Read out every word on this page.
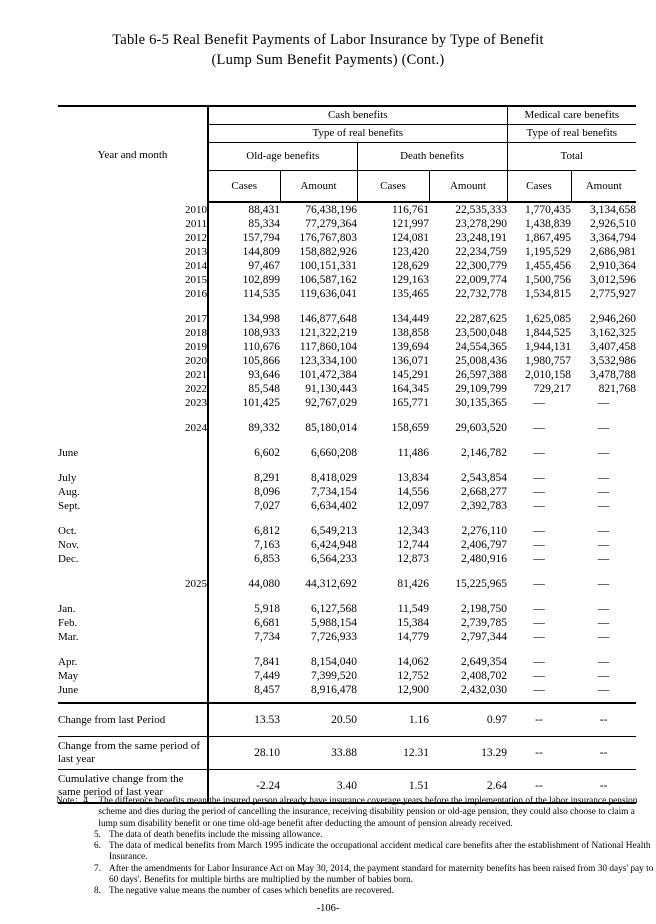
Table 6-5 Real Benefit Payments of Labor Insurance by Type of Benefit
(Lump Sum Benefit Payments) (Cont.)
Year and month	Cash benefits				Medical care benefits	
	Type of real benefits				Type of real benefits	
	Old-age benefits		Death benefits		Total	
	Cases	Amount	Cases	Amount	Cases	Amount
2010	88,431	76,438,196	116,761	22,535,333	1,770,435	3,134,658
2011	85,334	77,279,364	121,997	23,278,290	1,438,839	2,926,510
2012	157,794	176,767,803	124,081	23,248,191	1,867,495	3,364,794
2013	144,809	158,882,926	123,420	22,234,759	1,195,529	2,686,981
2014	97,467	100,151,331	128,629	22,300,779	1,455,456	2,910,364
2015	102,899	106,587,162	129,163	22,009,774	1,500,756	3,012,596
2016	114,535	119,636,041	135,465	22,732,778	1,534,815	2,775,927

2017	134,998	146,877,648	134,449	22,287,625	1,625,085	2,946,260
2018	108,933	121,322,219	138,858	23,500,048	1,844,525	3,162,325
2019	110,676	117,860,104	139,694	24,554,365	1,944,131	3,407,458
2020	105,866	123,334,100	136,071	25,008,436	1,980,757	3,532,986
2021	93,646	101,472,384	145,291	26,597,388	2,010,158	3,478,788
2022	85,548	91,130,443	164,345	29,109,799	729,217	821,768
2023	101,425	92,767,029	165,771	30,135,365	—	—

2024	89,332	85,180,014	158,659	29,603,520	—	—

June	6,602	6,660,208	11,486	2,146,782	—	—

July	8,291	8,418,029	13,834	2,543,854	—	—
Aug.	8,096	7,734,154	14,556	2,668,277	—	—
Sept.	7,027	6,634,402	12,097	2,392,783	—	—

Oct.	6,812	6,549,213	12,343	2,276,110	—	—
Nov.	7,163	6,424,948	12,744	2,406,797	—	—
Dec.	6,853	6,564,233	12,873	2,480,916	—	—

2025	44,080	44,312,692	81,426	15,225,965	—	—

Jan.	5,918	6,127,568	11,549	2,198,750	—	—
Feb.	6,681	5,988,154	15,384	2,739,785	—	—
Mar.	7,734	7,726,933	14,779	2,797,344	—	—

Apr.	7,841	8,154,040	14,062	2,649,354	—	—
May	7,449	7,399,520	12,752	2,408,702	—	—
June	8,457	8,916,478	12,900	2,432,030	—	—

Change from last Period	13.53	20.50	1.16	0.97	--	--
Change from the same period of last year	28.10	33.88	12.31	13.29	--	--
Cumulative change from the same period of last year	-2.24	3.40	1.51	2.64	--	--
Note： 4. The difference benefits mean the insured person already have insurance coverage years before the implementation of the labor insurance pension scheme and dies during the period of cancelling the insurance, receiving disability pension or old-age pension, they could also choose to claim a lump sum disability benefit or one time old-age benefit after deducting the amount of pension already received.
5. The data of death benefits include the missing allowance.
6. The data of medical benefits from March 1995 indicate the occupational accident medical care benefits after the establishment of National Health Insurance.
7. After the amendments for Labor Insurance Act on May 30, 2014, the payment standard for maternity benefits has been raised from 30 days' pay to 60 days'. Benefits for multiple births are multiplied by the number of babies born.
8. The negative value means the number of cases which benefits are recovered.
-106-
